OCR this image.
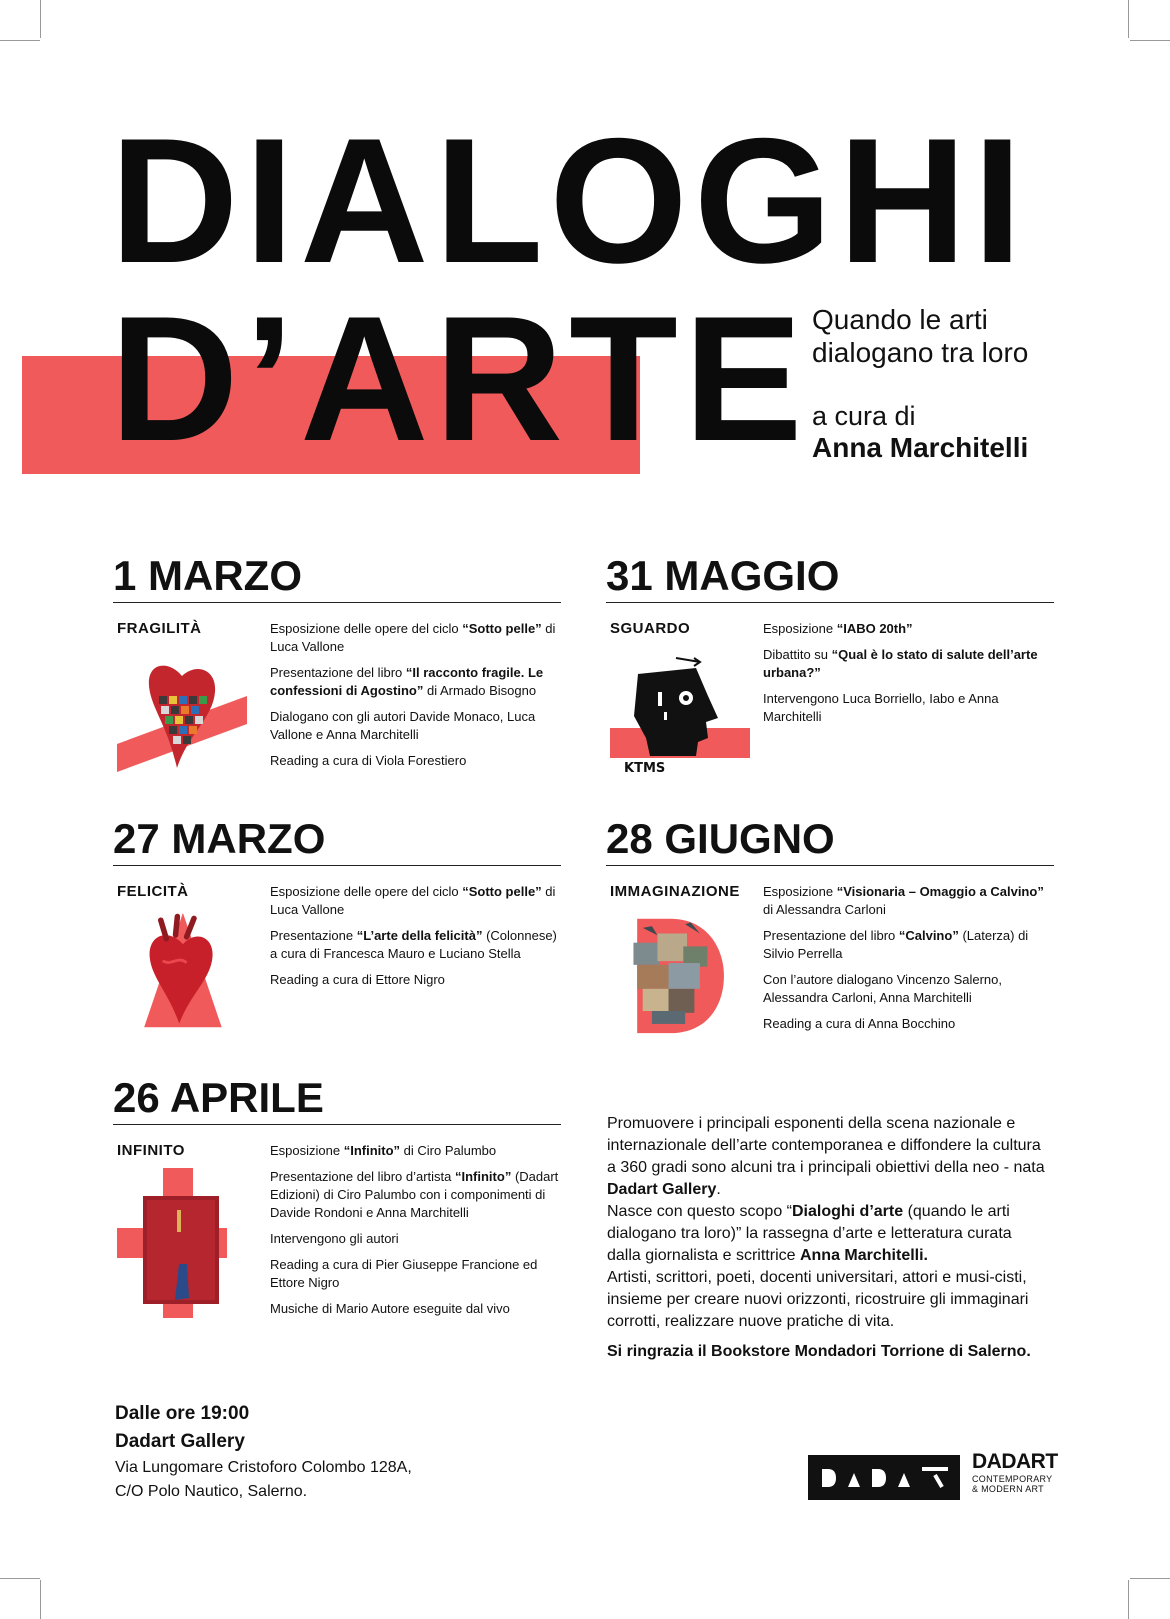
DIALOGHI
D’ARTE Quando le arti
dialogano tra loro
a cura di
Anna Marchitelli
1 MARZO
FRAGILITÀ	Esposizione delle opere del ciclo “Sotto pelle” di Luca Vallone

Presentazione del libro “Il racconto fragile. Le confessioni di Agostino” di Armado Bisogno

Dialogano con gli autori Davide Monaco, Luca Vallone e Anna Marchitelli

Reading a cura di Viola Forestiero

31 MAGGIO
SGUARDO
KTMS

Esposizione “IABO 20th”

Dibattito su “Qual è lo stato di salute dell’arte urbana?”

Intervengono Luca Borriello, Iabo e Anna Marchitelli

27 MARZO
FELICITÀ	Esposizione delle opere del ciclo “Sotto pelle” di Luca Vallone

Presentazione “L’arte della felicità” (Colonnese) a cura di Francesca Mauro e Luciano Stella

Reading a cura di Ettore Nigro

28 GIUGNO
IMMAGINAZIONE Esposizione “Visionaria – Omaggio a Calvino” di Alessandra Carloni

Presentazione del libro “Calvino” (Laterza) di Silvio Perrella

Con l’autore dialogano Vincenzo Salerno, Alessandra Carloni, Anna Marchitelli

Reading a cura di Anna Bocchino

26 APRILE
INFINITO	Esposizione “Infinito” di Ciro Palumbo

Presentazione del libro d’artista “Infinito” (Dadart Edizioni) di Ciro Palumbo con i componimenti di Davide Rondoni e Anna Marchitelli

Intervengono gli autori

Reading a cura di Pier Giuseppe Francione ed Ettore Nigro

Musiche di Mario Autore eseguite dal vivo

Promuovere i principali esponenti della scena nazionale e internazionale dell’arte contemporanea e diffondere la cultura a 360 gradi sono alcuni tra i principali obiettivi della neo - nata Dadart Gallery.

Nasce con questo scopo “Dialoghi d’arte (quando le arti dialogano tra loro)” la rassegna d’arte e letteratura curata dalla giornalista e scrittrice Anna Marchitelli.

Artisti, scrittori, poeti, docenti universitari, attori e musi-cisti, insieme per creare nuovi orizzonti, ricostruire gli immaginari corrotti, realizzare nuove pratiche di vita.

Si ringrazia il Bookstore Mondadori Torrione di Salerno.

Dalle ore 19:00
Dadart Gallery
Via Lungomare Cristoforo Colombo 128A,
C/O Polo Nautico, Salerno.
DADART
CONTEMPORARY
& MODERN ART
